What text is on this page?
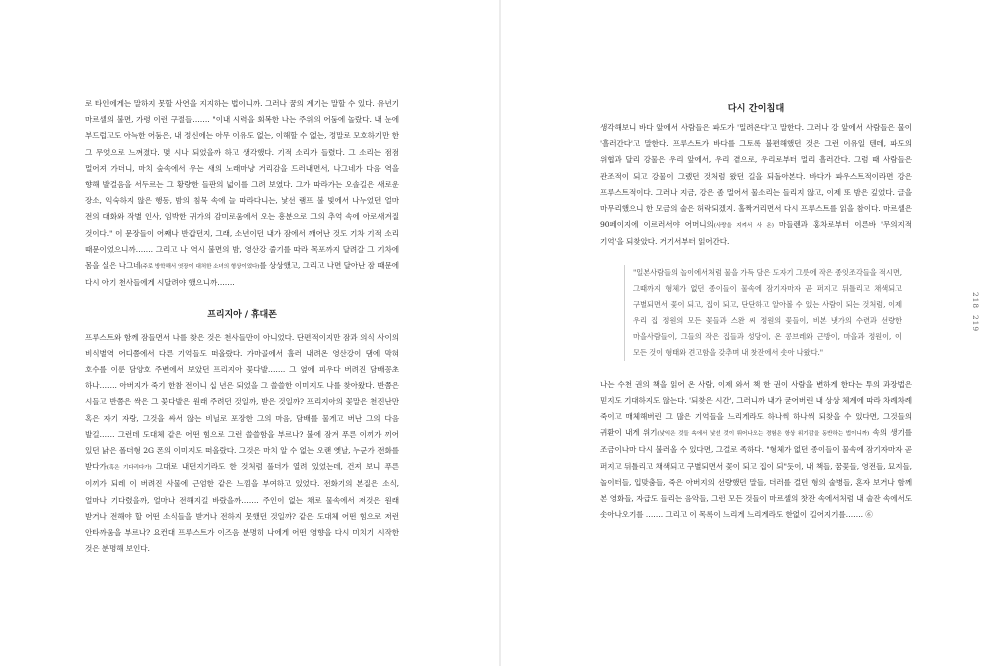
로 타인에게는 말하지 못할 사연을 지지하는 법이니까. 그러나 꿈의 계기는 말할 수 있다. 유년기 마르셀의 불면, 가령 이런 구절들……. "이내 시력을 회복한 나는 주위의 어둠에 놀랐다. 내 눈에 부드럽고도 아늑한 어둠은, 내 정신에는 아무 이유도 없는, 이해할 수 없는, 정말로 모호하기만 한 그 무엇으로 느껴졌다. 몇 시나 되었을까 하고 생각했다. 기적 소리가 들렸다. 그 소리는 점점 멀어져 가더니, 마치 숲속에서 우는 새의 노래마냥 거리감을 드러내면서, 나그네가 다음 역을 향해 발걸음을 서두르는 그 황량한 들판의 넓이를 그려 보였다. 그가 따라가는 오솔길은 새로운 장소, 익숙하지 않은 행동, 밤의 침묵 속에 늘 따라다니는, 낯선 램프 불 빛에서 나누었던 얼마 전의 대화와 작별 인사, 임박한 귀가의 감미로움에서 오는 흥분으로 그의 추억 속에 아로새겨질 것이다." 이 문장들이 어째나 반갑던지, 그래, 소년이던 내가 잠에서 깨어난 것도 기차 기적 소리 때문이었으니까……. 그리고 나 역시 불면의 밤, 영산강 줄기를 따라 목포까지 달려갈 그 기차에 몸을 실은 나그네(주로 방학해서 엿장이 대처한 소녀의 형상이었다)를 상상했고, 그리고 나면 달아난 잠 때문에 다시 아기 천사들에게 시달려야 했으니까…….

프리지아 / 휴대폰

프루스트와 함께 잠들면서 나를 찾은 것은 천사들만이 아니었다. 단편적이지만 잠과 의식 사이의 비식별역 어디쯤에서 다른 기억들도 떠올랐다. 가마골에서 홀러 내려온 영산강이 댐에 막혀 호수를 이룬 담양호 주변에서 보았던 프리지아 꽃다발……. 그 옆에 피우다 버려진 담배꽁초 하나……. 아버지가 죽기 한참 전이니 십 년은 되었을 그 쓸쓸한 이미지도 나를 찾아왔다. 반쯤은 시들고 반쯤은 싹은 그 꽃다발은 원래 주려던 것일까, 받은 것일까? 프리지아의 꽃말은 천진난만 혹은 자기 자랑, 그것을 싸서 않는 비닐로 포장한 그의 마음, 담배를 물게고 버난 그의 다음 발길…… 그런데 도대체 같은 어떤 힘으로 그런 쓸쓸함을 부르나? 불에 잠겨 푸른 이끼가 끼어 있던 낡은 폴더형 2G 폰의 이미지도 떠올랐다. 그것은 마치 알 수 없는 오랜 옛날, 누군가 전화를 받다가(혹은 기다리다가) 그대로 내던지기라도 한 것처럼 풀더가 열려 있었는데, 건져 보니 푸른 이끼가 되레 이 버려진 사물에 근엄한 같은 느낌을 부여하고 있었다. 전화기의 본질은 소식, 얼마나 기다렸을까, 얼마나 전해지길 바랐을까……. 주인이 없는 채로 물속에서 저것은 원래 받거나 전해야 할 어떤 소식들을 받거나 전하지 못했던 것일까? 같은 도대체 어떤 힘으로 저런 안타까움을 부르나? 요컨대 프루스트가 이즈음 분명히 나에게 어떤 영향을 다시 미치기 시작한 것은 분명해 보인다.

다시 간이침대

생각해보니 바다 앞에서 사람들은 파도가 '밀려온다'고 말한다. 그러나 강 앞에서 사람들은 물이 '흘러간다'고 말한다. 프루스트가 바다를 그토록 불편해했던 것은 그런 이유일 텐데, 파도의 위협과 달리 강물은 우리 앞에서, 우리 곁으로, 우리로부터 멀리 흘러간다. 그럼 때 사람들은 관조적이 되고 강물이 그랬던 것처럼 왔던 길을 되돌아본다. 바다가 파우스트적이라면 강은 프루스트적이다. 그러나 지금, 강은 좀 멀어서 물소리는 들리지 않고, 이제 또 밤은 깊었다. 글을 마무리했으니 한 모금의 술은 허락되겠지. 홀짝거리면서 다시 프루스트를 읽을 참이다. 마르셀은 90페이지에 이르러서야 어머니의(사랑을 지켜서 사 온) 마들렌과 홍차로부터 이른바 '무의지적 기억'을 되찾았다. 거기서부터 읽어간다.

"일본사람들의 놀이에서처럼 물을 가득 담은 도자기 그릇에 작은 종잇조각들을 적시면, 그때까지 형체가 없던 종이들이 물속에 잠기자마자 곧 퍼지고 뒤틀리고 채색되고 구별되면서 꽃이 되고, 집이 되고, 단단하고 알아볼 수 있는 사람이 되는 것처럼, 이제 우리 집 정원의 모든 꽃들과 스완 씨 정원의 꽃들이, 비본 냇가의 수련과 선량한 마을사람들이, 그들의 작은 집들과 성당이, 온 콩브레와 근방이, 마을과 정원이, 이 모든 것이 형태와 견고함을 갖추며 내 찻잔에서 솟아 나왔다."

나는 수천 권의 책을 읽어 온 사람, 이제 와서 책 한 권이 사람을 변하게 한다는 투의 과장법은 믿지도 기대하지도 않는다. '되찾은 시간', 그러니까 내가 굳어버린 내 상상 체계에 따라 차례차례 죽이고 매체해버린 그 많은 기억들을 느리게라도 하나씩 하나씩 되찾을 수 있다면, 그것들의 귀환이 내게 위기(낯익은 것들 속에서 낯선 것이 튀어나오는 경험은 항상 위기감을 동반하는 법이니까) 속의 생기를 조금이나마 다시 불러올 수 있다면, 그걸로 족하다. "형체가 없던 종이들이 물속에 잠기자마자 곧 퍼지고 뒤틀리고 채색되고 구별되면서 꽃이 되고 집이 되"듯이, 내 책들, 꿈꽃들, 영전들, 묘지들, 놀이터들, 입맞춤들, 죽은 아버지의 선량했던 말들, 더러를 걸던 형의 술병들, 혼자 보거나 함께 본 영화들, 자급도 들리는 음악들, 그런 모든 것들이 마르셀의 찻잔 속에서처럼 내 술잔 속에서도 솟아나오기를 ……. 그리고 이 목록이 느리게 느리게라도 한없이 길어지기를……. ⑥

218
219
